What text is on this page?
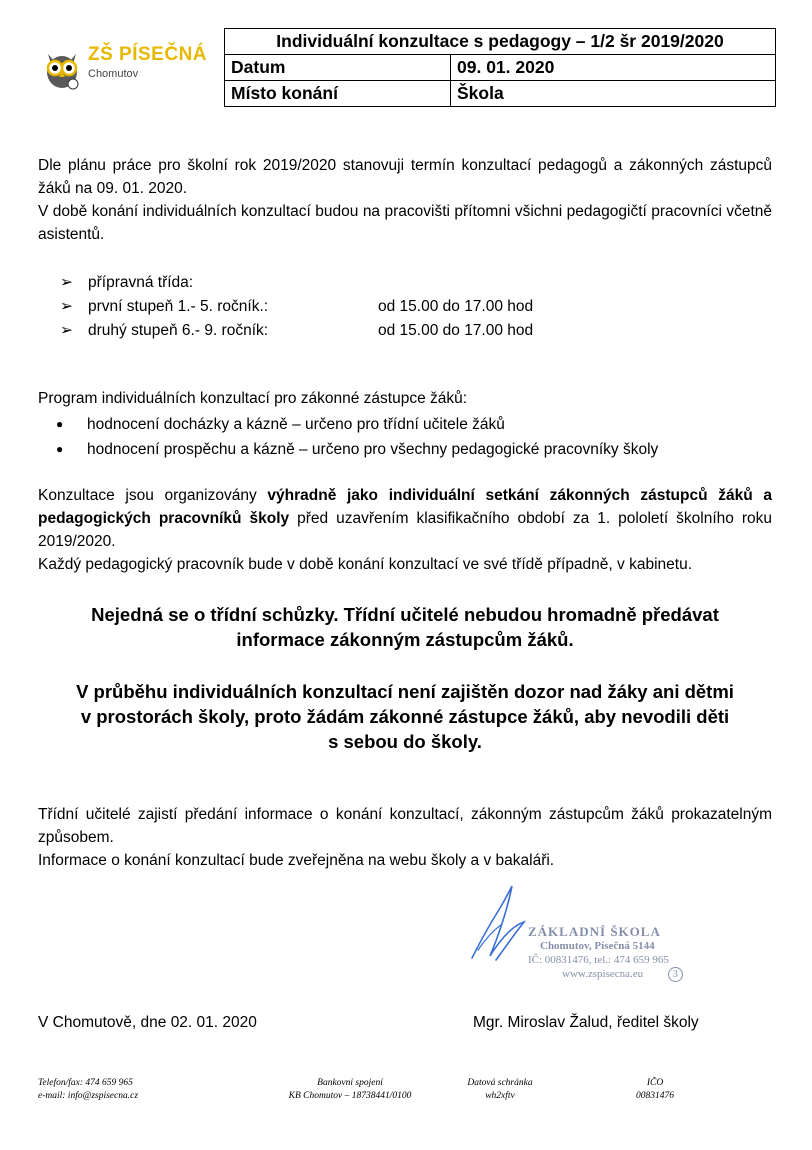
ZŠ PÍSEČNÁ
Chomutov
Individuální konzultace s pedagogy – 1/2 šr 2019/2020	
Datum	09. 01. 2020
Místo konání	Škola

Dle plánu práce pro školní rok 2019/2020 stanovuji termín konzultací pedagogů a zákonných zástupců žáků na 09. 01. 2020.

V době konání individuálních konzultací budou na pracovišti přítomni všichni pedagogičtí pracovníci včetně asistentů.

➢ přípravná třída:
➢ první stupeň 1.- 5. ročník.:	od 15.00 do 17.00 hod
➢ druhý stupeň 6.- 9. ročník:	od 15.00 do 17.00 hod
Program individuálních konzultací pro zákonné zástupce žáků:
●	hodnocení docházky a kázně – určeno pro třídní učitele žáků
●	hodnocení prospěchu a kázně – určeno pro všechny pedagogické pracovníky školy

Konzultace jsou organizovány výhradně jako individuální setkání zákonných zástupců žáků a pedagogických pracovníků školy před uzavřením klasifikačního období za 1. pololetí školního roku 2019/2020.

Každý pedagogický pracovník bude v době konání konzultací ve své třídě případně, v kabinetu.

Nejedná se o třídní schůzky. Třídní učitelé nebudou hromadně předávat

informace zákonným zástupcům žáků.

V průběhu individuálních konzultací není zajištěn dozor nad žáky ani dětmi

v prostorách školy, proto žádám zákonné zástupce žáků, aby nevodili děti

s sebou do školy.

Třídní učitelé zajistí předání informace o konání konzultací, zákonným zástupcům žáků prokazatelným způsobem.

Informace o konání konzultací bude zveřejněna na webu školy a v bakaláři.

ZÁKLADNÍ ŠKOLA
Chomutov, Písečná 5144
IČ: 00831476, tel.: 474 659 965
www.zspisecna.eu	3
V Chomutově, dne 02. 01. 2020	Mgr. Miroslav Žalud, ředitel školy
Telefon/fax: 474 659 965
e-mail: info@zspisecna.cz
Bankovní spojení
KB Chomutov – 18738441/0100
Datová schránka
wh2xftv
IČO
00831476
